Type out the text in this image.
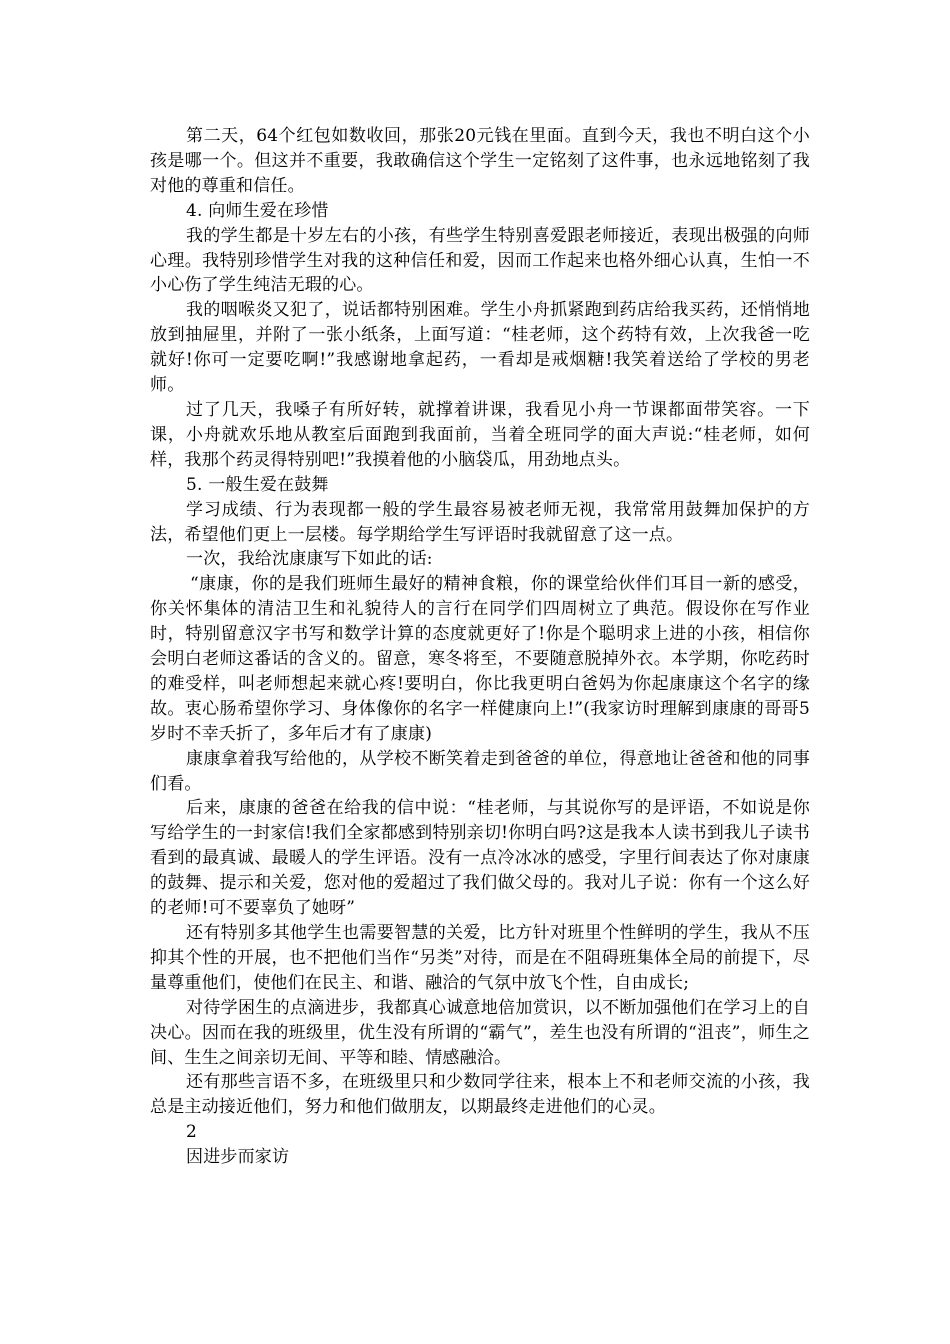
第二天，64个红包如数收回，那张20元钱在里面。直到今天，我也不明白这个小孩是哪一个。但这并不重要，我敢确信这个学生一定铭刻了这件事，也永远地铭刻了我对他的尊重和信任。

4. 向师生爱在珍惜

我的学生都是十岁左右的小孩，有些学生特别喜爱跟老师接近，表现出极强的向师心理。我特别珍惜学生对我的这种信任和爱，因而工作起来也格外细心认真，生怕一不小心伤了学生纯洁无瑕的心。

我的咽喉炎又犯了，说话都特别困难。学生小舟抓紧跑到药店给我买药，还悄悄地放到抽屉里，并附了一张小纸条，上面写道：“桂老师，这个药特有效，上次我爸一吃就好!你可一定要吃啊!”我感谢地拿起药，一看却是戒烟糖!我笑着送给了学校的男老师。

过了几天，我嗓子有所好转，就撑着讲课，我看见小舟一节课都面带笑容。一下课，小舟就欢乐地从教室后面跑到我面前，当着全班同学的面大声说:“桂老师，如何样，我那个药灵得特别吧!”我摸着他的小脑袋瓜，用劲地点头。

5. 一般生爱在鼓舞

学习成绩、行为表现都一般的学生最容易被老师无视，我常常用鼓舞加保护的方法，希望他们更上一层楼。每学期给学生写评语时我就留意了这一点。

一次，我给沈康康写下如此的话:

“康康，你的是我们班师生最好的精神食粮，你的课堂给伙伴们耳目一新的感受，你关怀集体的清洁卫生和礼貌待人的言行在同学们四周树立了典范。假设你在写作业时，特别留意汉字书写和数学计算的态度就更好了!你是个聪明求上进的小孩，相信你会明白老师这番话的含义的。留意，寒冬将至，不要随意脱掉外衣。本学期，你吃药时的难受样，叫老师想起来就心疼!要明白，你比我更明白爸妈为你起康康这个名字的缘故。衷心肠希望你学习、身体像你的名字一样健康向上!”(我家访时理解到康康的哥哥5岁时不幸夭折了，多年后才有了康康)

康康拿着我写给他的，从学校不断笑着走到爸爸的单位，得意地让爸爸和他的同事们看。

后来，康康的爸爸在给我的信中说：“桂老师，与其说你写的是评语，不如说是你写给学生的一封家信!我们全家都感到特别亲切!你明白吗?这是我本人读书到我儿子读书看到的最真诚、最暖人的学生评语。没有一点冷冰冰的感受，字里行间表达了你对康康的鼓舞、提示和关爱，您对他的爱超过了我们做父母的。我对儿子说：你有一个这么好的老师!可不要辜负了她呀”

还有特别多其他学生也需要智慧的关爱，比方针对班里个性鲜明的学生，我从不压抑其个性的开展，也不把他们当作“另类”对待，而是在不阻碍班集体全局的前提下，尽量尊重他们，使他们在民主、和谐、融洽的气氛中放飞个性，自由成长;

对待学困生的点滴进步，我都真心诚意地倍加赏识，以不断加强他们在学习上的自决心。因而在我的班级里，优生没有所谓的“霸气”，差生也没有所谓的“沮丧”，师生之间、生生之间亲切无间、平等和睦、情感融洽。

还有那些言语不多，在班级里只和少数同学往来，根本上不和老师交流的小孩，我总是主动接近他们，努力和他们做朋友，以期最终走进他们的心灵。

2

因进步而家访
